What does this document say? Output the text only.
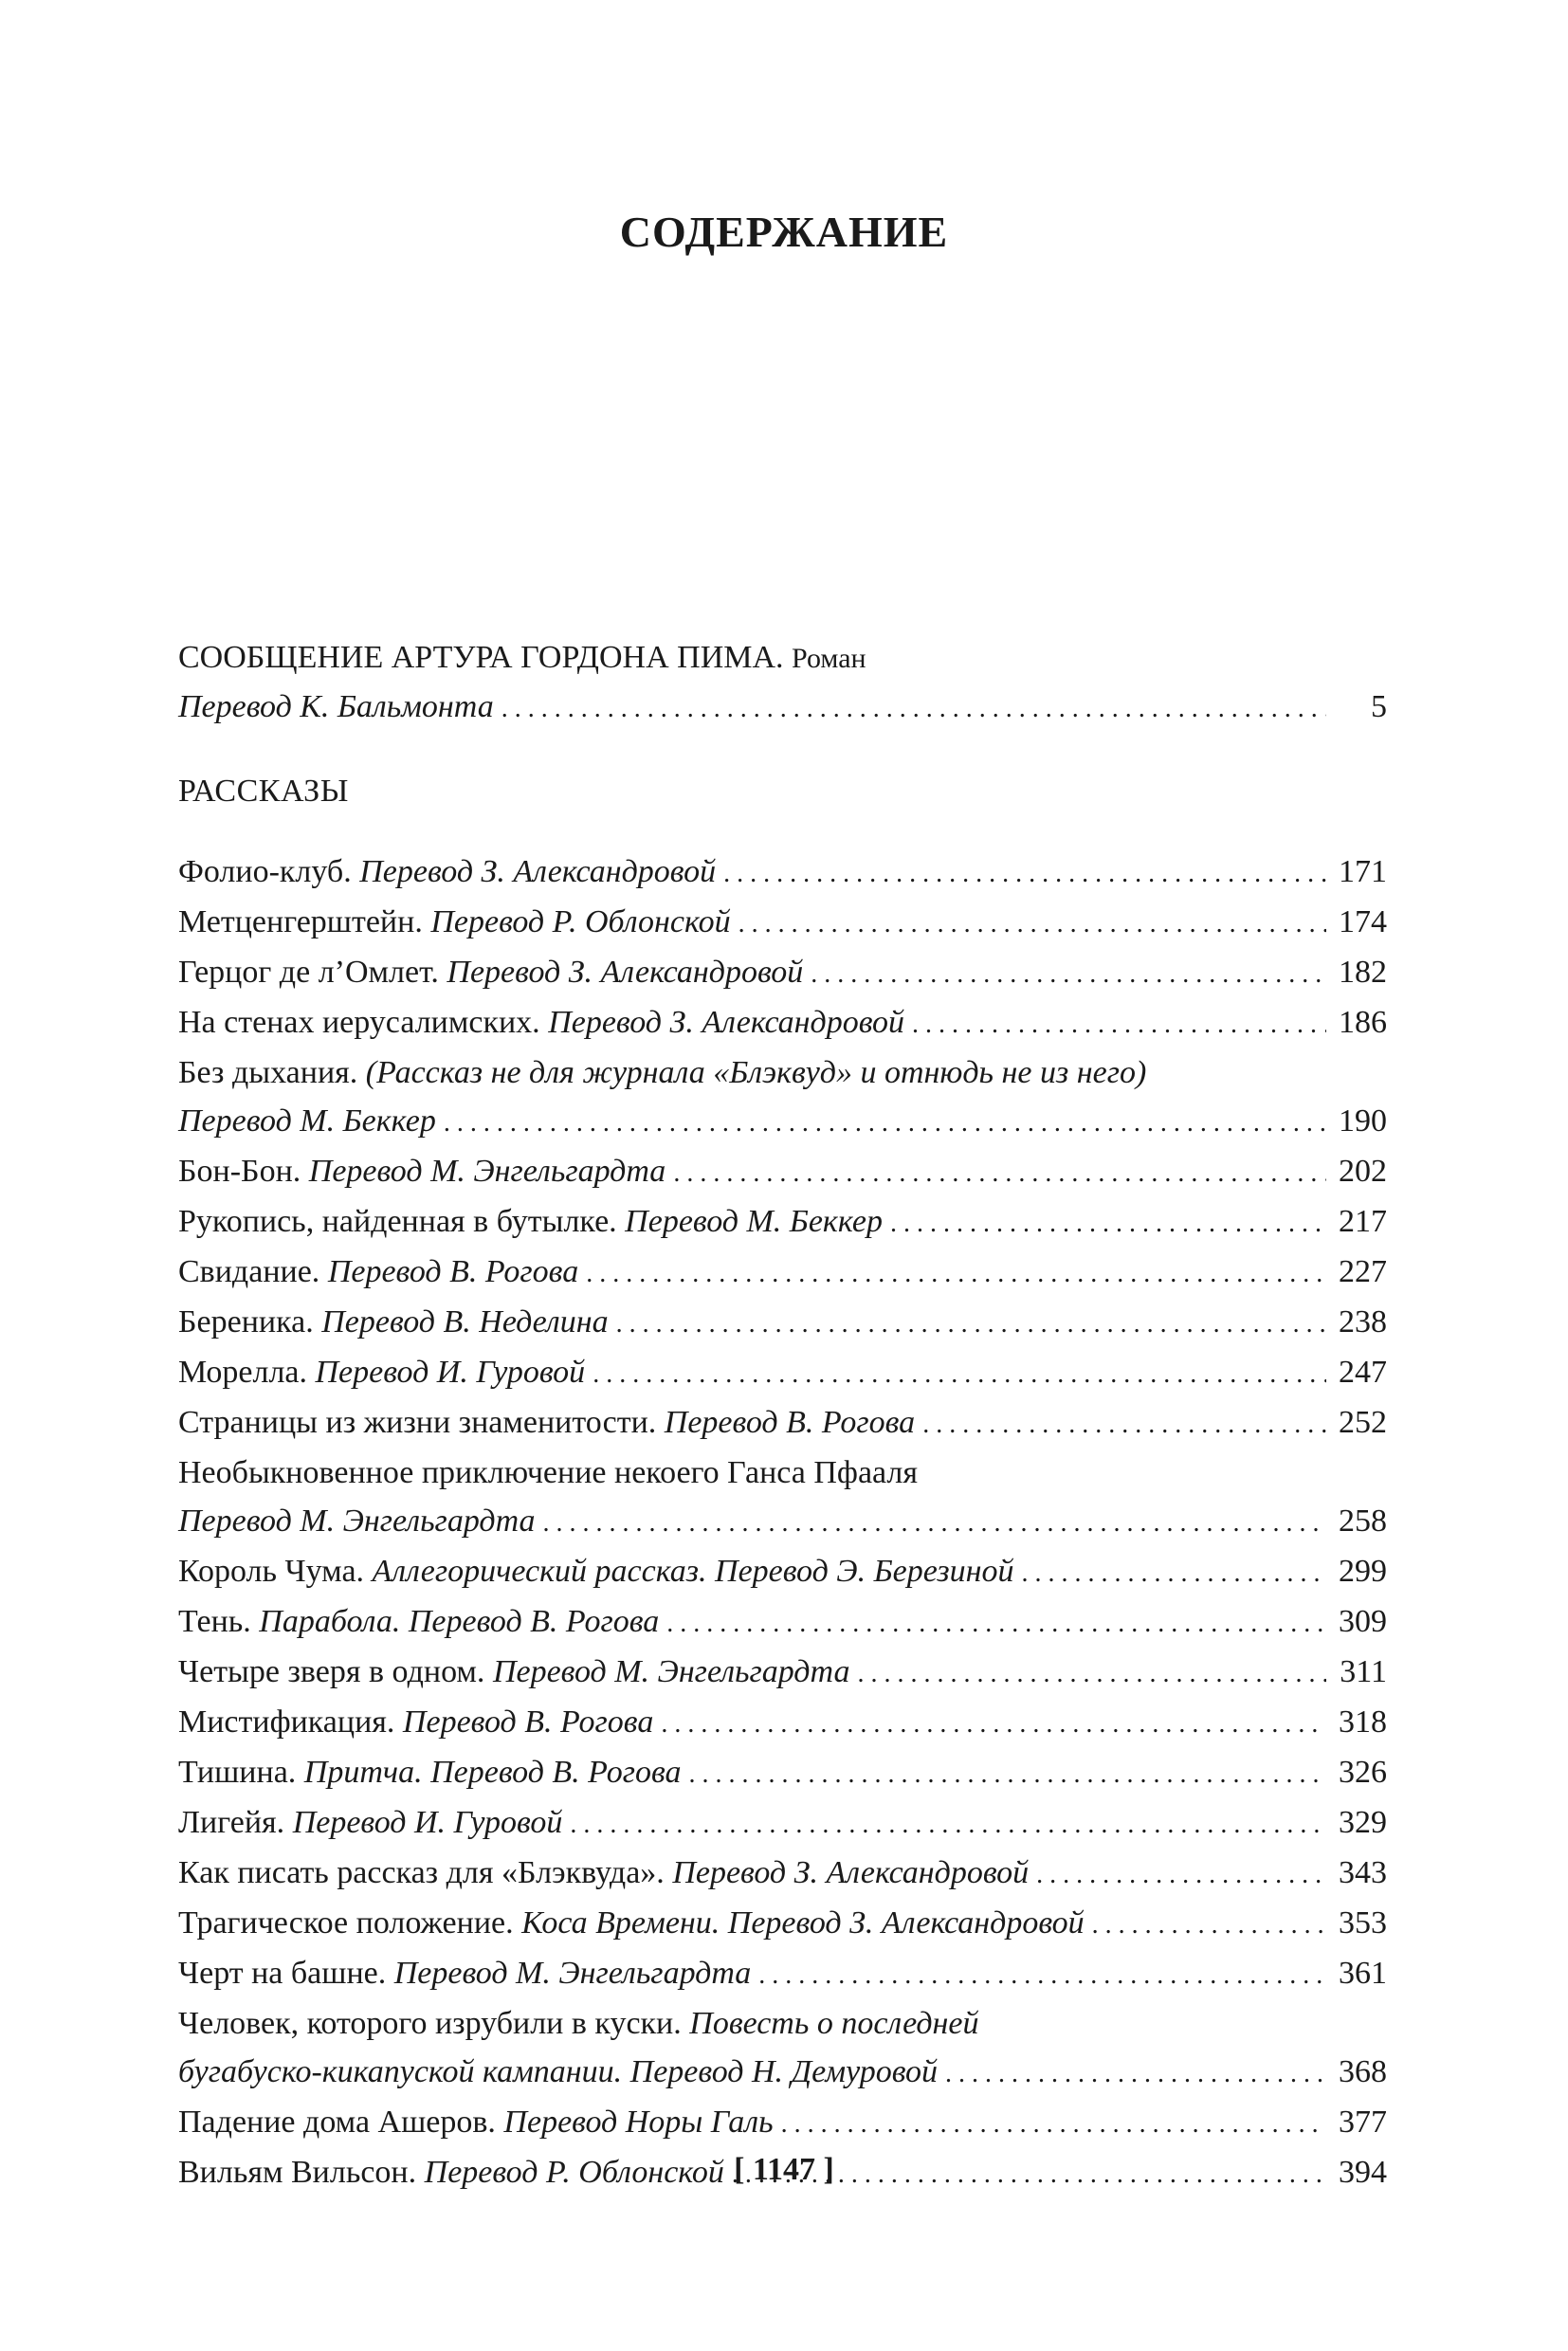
СОДЕРЖАНИЕ
СООБЩЕНИЕ АРТУРА ГОРДОНА ПИМА. Роман
Перевод К. Бальмонта . . .	5
РАССКАЗЫ
Фолио-клуб. Перевод З. Александровой . . .	171
Метценгерштейн. Перевод Р. Облонской . . .	174
Герцог де л’Омлет. Перевод З. Александровой . . .	182
На стенах иерусалимских. Перевод З. Александровой . . .	186
Без дыхания. (Рассказ не для журнала «Блэквуд» и отнюдь не из него)
Перевод М. Беккер . . .	190
Бон-Бон. Перевод М. Энгельгардта . . .	202
Рукопись, найденная в бутылке. Перевод М. Беккер . . .	217
Свидание. Перевод В. Рогова . . .	227
Береника. Перевод В. Неделина . . .	238
Морелла. Перевод И. Гуровой . . .	247
Страницы из жизни знаменитости. Перевод В. Рогова . . .	252
Необыкновенное приключение некоего Ганса Пфааля
Перевод М. Энгельгардта . . .	258
Король Чума. Аллегорический рассказ. Перевод Э. Березиной . . .	299
Тень. Парабола. Перевод В. Рогова . . .	309
Четыре зверя в одном. Перевод М. Энгельгардта . . .	311
Мистификация. Перевод В. Рогова . . .	318
Тишина. Притча. Перевод В. Рогова . . .	326
Лигейя. Перевод И. Гуровой . . .	329
Как писать рассказ для «Блэквуда». Перевод З. Александровой . . .	343
Трагическое положение. Коса Времени. Перевод З. Александровой . . .	353
Черт на башне. Перевод М. Энгельгардта . . .	361
Человек, которого изрубили в куски. Повесть о последней
бугабуско-кикапуской кампании. Перевод Н. Демуровой . . .	368
Падение дома Ашеров. Перевод Норы Галь . . .	377
Вильям Вильсон. Перевод Р. Облонской . . .	394
[ 1147 ]
